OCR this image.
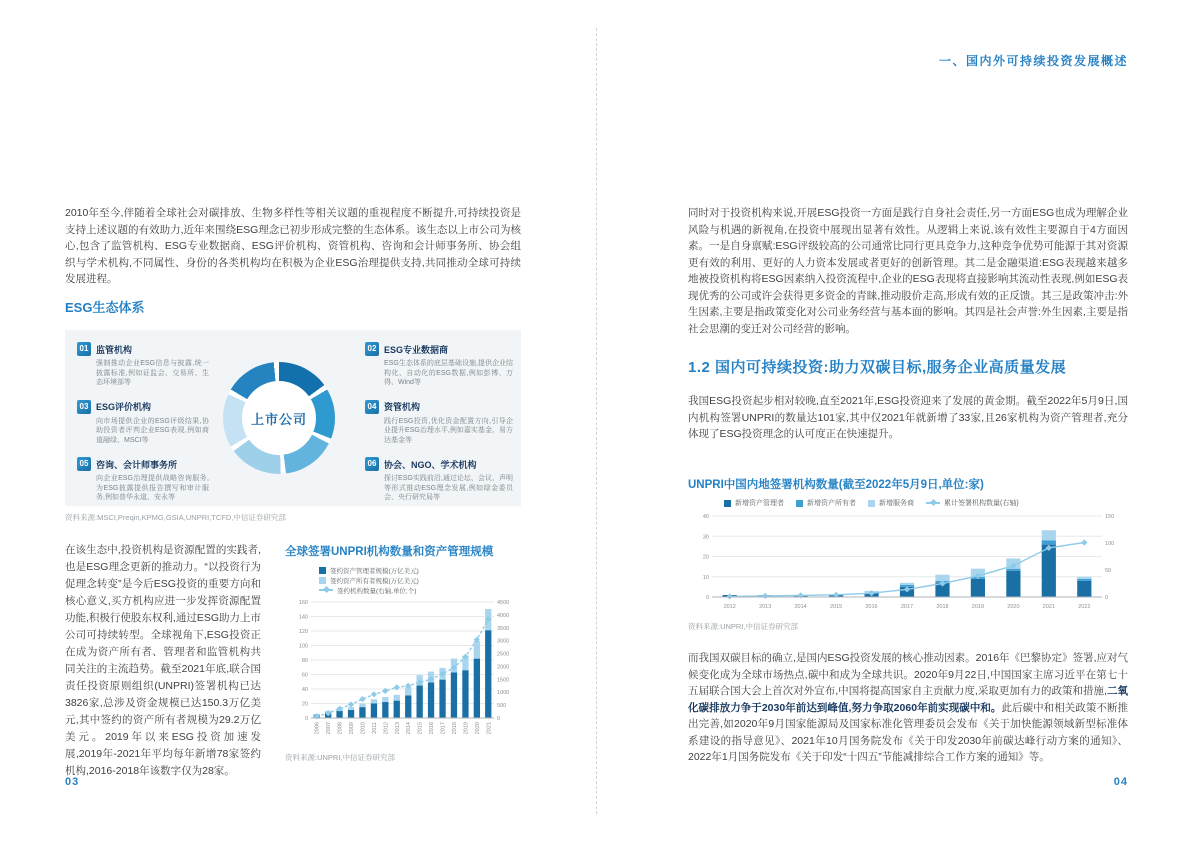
2010年至今,伴随着全球社会对碳排放、生物多样性等相关议题的重视程度不断提升,可持续投资是支持上述议题的有效助力,近年来围绕ESG理念已初步形成完整的生态体系。该生态以上市公司为核心,包含了监管机构、ESG专业数据商、ESG评价机构、资管机构、咨询和会计师事务所、协会组织与学术机构,不同属性、身份的各类机构均在积极为企业ESG治理提供支持,共同推动全球可持续发展进程。
ESG生态体系
01 监管机构
强制推动企业ESG信息与披露,统一披露标准,例如证监会、交易所、生态环境部等
03 ESG评价机构
向市场提供企业的ESG评级结果,协助投资者评判企业ESG表现,例如商道融绿、MSCI等
05 咨询、会计师事务所
向企业ESG治理提供战略咨询服务,为ESG披露提供报告撰写和审计服务,例如普华永道、安永等
上市公司
02 ESG专业数据商
ESG生态体系的底层基础设施,提供企业结构化、自动化的ESG数据,例如彭博、万得、Wind等
04 资管机构
践行ESG投资,优化资金配置方向,引导企业提升ESG治理水平,例如嘉实基金、易方达基金等
06 协会、NGO、学术机构
探讨ESG实践前沿,通过论坛、会议、声明等形式推动ESG理念发展,例如绿金委员会、央行研究局等
资料来源:MSCI,Preqin,KPMG,GSIA,UNPRI,TCFD,中信证券研究部
在该生态中,投资机构是资源配置的实践者,也是ESG理念更新的推动力。“以投资行为促理念转变”是今后ESG投资的重要方向和核心意义,买方机构应进一步发挥资源配置功能,积极行使股东权利,通过ESG助力上市公司可持续转型。全球视角下,ESG投资正在成为资产所有者、管理者和监管机构共同关注的主流趋势。截至2021年底,联合国责任投资原则组织(UNPRI)签署机构已达3826家,总涉及资金规模已达150.3万亿美元,其中签约的资产所有者规模为29.2万亿美元。2019年以来ESG投资加速发展,2019年-2021年平均每年新增78家签约机构,2016-2018年该数字仅为28家。
全球签署UNPRI机构数量和资产管理规模
签约资产管理者规模(万亿美元)
签约资产所有者规模(万亿美元)
签约机构数量(右轴,单位:个)
0
20
40
60
80
100
120
140
160
0
500
1000
1500
2000
2500
3000
3500
4000
4500
2006 2007 2008 2009 2010 2011 2012 2013 2014 2015 2016 2017 2018 2019 2020 2021
资料来源:UNPRI,中信证券研究部
03
一、国内外可持续投资发展概述
同时对于投资机构来说,开展ESG投资一方面是践行自身社会责任,另一方面ESG也成为理解企业风险与机遇的新视角,在投资中展现出显著有效性。从逻辑上来说,该有效性主要源自于4方面因素。一是自身禀赋:ESG评级较高的公司通常比同行更具竞争力,这种竞争优势可能源于其对资源更有效的利用、更好的人力资本发展或者更好的创新管理。其二是金融渠道:ESG表现越来越多地被投资机构将ESG因素纳入投资流程中,企业的ESG表现将直接影响其流动性表现,例如ESG表现优秀的公司或许会获得更多资金的青睐,推动股价走高,形成有效的正反馈。其三是政策冲击:外生因素,主要是指政策变化对公司业务经营与基本面的影响。其四是社会声誉:外生因素,主要是指社会思潮的变迁对公司经营的影响。
1.2 国内可持续投资:助力双碳目标,服务企业高质量发展
我国ESG投资起步相对较晚,直至2021年,ESG投资迎来了发展的黄金期。截至2022年5月9日,国内机构签署UNPRI的数量达101家,其中仅2021年就新增了33家,且26家机构为资产管理者,充分体现了ESG投资理念的认可度正在快速提升。
UNPRI中国内地签署机构数量(截至2022年5月9日,单位:家)
新增资产管理者	新增资产所有者	新增服务商	累计签署机构数量(右轴)
0
10
20
30
40
0
50
100
150
2012	2013	2014	2015	2016	2017	2018	2019	2020	2021	2022
资料来源:UNPRI,中信证券研究部
而我国双碳目标的确立,是国内ESG投资发展的核心推动因素。2016年《巴黎协定》签署,应对气候变化成为全球市场热点,碳中和成为全球共识。2020年9月22日,中国国家主席习近平在第七十五届联合国大会上首次对外宣布,中国将提高国家自主贡献力度,采取更加有力的政策和措施,二氧化碳排放力争于2030年前达到峰值,努力争取2060年前实现碳中和。此后碳中和相关政策不断推出完善,如2020年9月国家能源局及国家标准化管理委员会发布《关于加快能源领域新型标准体系建设的指导意见》、2021年10月国务院发布《关于印发2030年前碳达峰行动方案的通知》、2022年1月国务院发布《关于印发“十四五”节能减排综合工作方案的通知》等。
04
